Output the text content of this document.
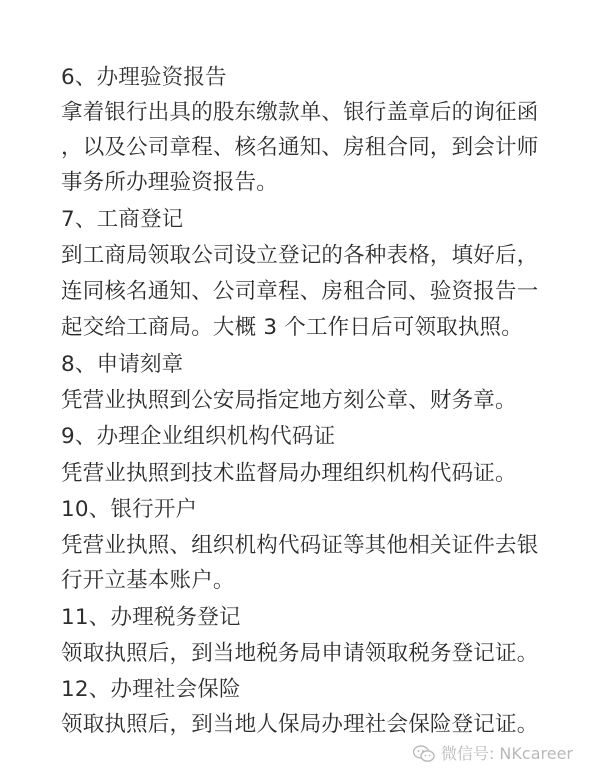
6、办理验资报告
拿着银行出具的股东缴款单、银行盖章后的询征函
，以及公司章程、核名通知、房租合同，到会计师
事务所办理验资报告。
7、工商登记
到工商局领取公司设立登记的各种表格，填好后，
连同核名通知、公司章程、房租合同、验资报告一
起交给工商局。大概 3 个工作日后可领取执照。
8、申请刻章
凭营业执照到公安局指定地方刻公章、财务章。
9、办理企业组织机构代码证
凭营业执照到技术监督局办理组织机构代码证。
10、银行开户
凭营业执照、组织机构代码证等其他相关证件去银
行开立基本账户。
11、办理税务登记
领取执照后，到当地税务局申请领取税务登记证。
12、办理社会保险
领取执照后，到当地人保局办理社会保险登记证。
微信号: NKcareer
